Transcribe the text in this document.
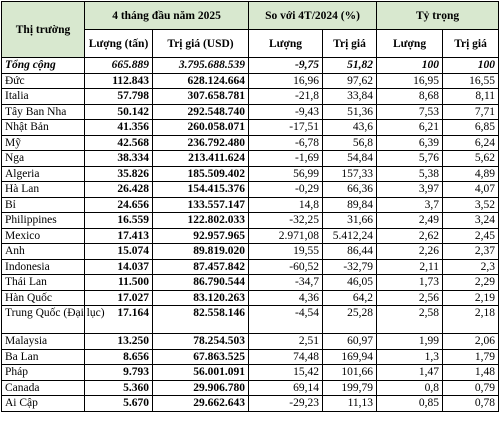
Thị trường	4 tháng đầu năm 2025		So với 4T/2024 (%)		Tỷ trọng	
	Lượng (tấn)	Trị giá (USD)	Lượng	Trị giá	Lượng	Trị giá
Tổng cộng	665.889	3.795.688.539	-9,75	51,82	100	100
Đức	112.843	628.124.664	16,96	97,62	16,95	16,55
Italia	57.798	307.658.781	-21,8	33,84	8,68	8,11
Tây Ban Nha	50.142	292.548.740	-9,43	51,36	7,53	7,71
Nhật Bản	41.356	260.058.071	-17,51	43,6	6,21	6,85
Mỹ	42.568	236.792.480	-6,78	56,8	6,39	6,24
Nga	38.334	213.411.624	-1,69	54,84	5,76	5,62
Algeria	35.826	185.509.402	56,99	157,33	5,38	4,89
Hà Lan	26.428	154.415.376	-0,29	66,36	3,97	4,07
Bỉ	24.656	133.557.147	14,8	89,84	3,7	3,52
Philippines	16.559	122.802.033	-32,25	31,66	2,49	3,24
Mexico	17.413	92.957.965	2.971,08	5.412,24	2,62	2,45
Anh	15.074	89.819.020	19,55	86,44	2,26	2,37
Indonesia	14.037	87.457.842	-60,52	-32,79	2,11	2,3
Thái Lan	11.500	86.790.544	-34,7	46,05	1,73	2,29
Hàn Quốc	17.027	83.120.263	4,36	64,2	2,56	2,19
Trung Quốc (Đại lục)	17.164	82.558.146	-4,54	25,28	2,58	2,18
Malaysia	13.250	78.254.503	2,51	60,97	1,99	2,06
Ba Lan	8.656	67.863.525	74,48	169,94	1,3	1,79
Pháp	9.793	56.001.091	15,42	101,66	1,47	1,48
Canada	5.360	29.906.780	69,14	199,79	0,8	0,79
Ai Cập	5.670	29.662.643	-29,23	11,13	0,85	0,78
